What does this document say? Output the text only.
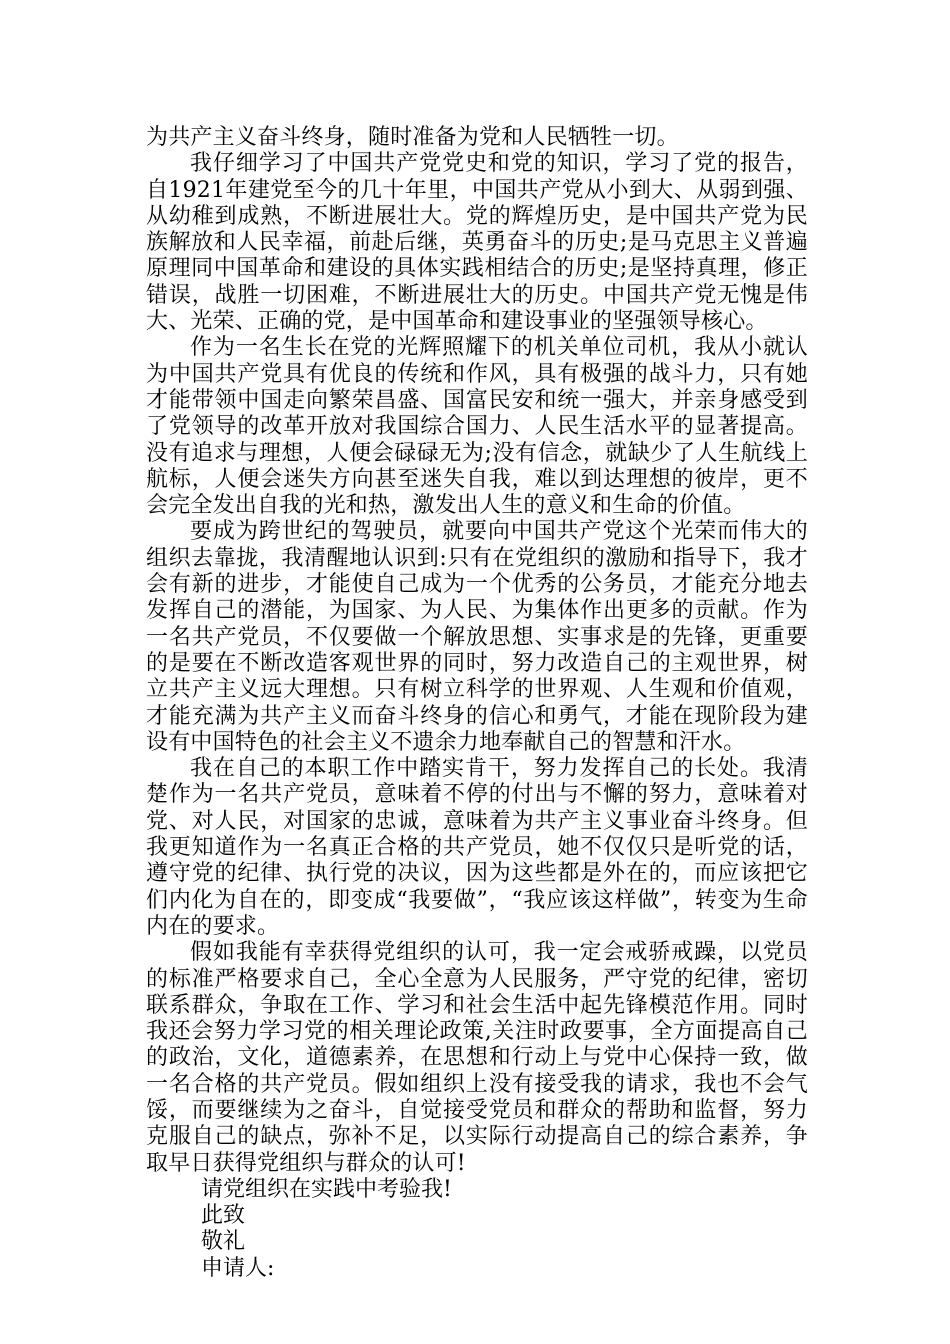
为共产主义奋斗终身，随时准备为党和人民牺牲一切。

我仔细学习了中国共产党党史和党的知识，学习了党的报告，自1921年建党至今的几十年里，中国共产党从小到大、从弱到强、从幼稚到成熟，不断进展壮大。党的辉煌历史，是中国共产党为民族解放和人民幸福，前赴后继，英勇奋斗的历史;是马克思主义普遍原理同中国革命和建设的具体实践相结合的历史;是坚持真理，修正错误，战胜一切困难，不断进展壮大的历史。中国共产党无愧是伟大、光荣、正确的党，是中国革命和建设事业的坚强领导核心。

作为一名生长在党的光辉照耀下的机关单位司机，我从小就认为中国共产党具有优良的传统和作风，具有极强的战斗力，只有她才能带领中国走向繁荣昌盛、国富民安和统一强大，并亲身感受到了党领导的改革开放对我国综合国力、人民生活水平的显著提高。没有追求与理想，人便会碌碌无为;没有信念，就缺少了人生航线上航标，人便会迷失方向甚至迷失自我，难以到达理想的彼岸，更不会完全发出自我的光和热，激发出人生的意义和生命的价值。

要成为跨世纪的驾驶员，就要向中国共产党这个光荣而伟大的组织去靠拢，我清醒地认识到:只有在党组织的激励和指导下，我才会有新的进步，才能使自己成为一个优秀的公务员，才能充分地去发挥自己的潜能，为国家、为人民、为集体作出更多的贡献。作为一名共产党员，不仅要做一个解放思想、实事求是的先锋，更重要的是要在不断改造客观世界的同时，努力改造自己的主观世界，树立共产主义远大理想。只有树立科学的世界观、人生观和价值观，才能充满为共产主义而奋斗终身的信心和勇气，才能在现阶段为建设有中国特色的社会主义不遗余力地奉献自己的智慧和汗水。

我在自己的本职工作中踏实肯干，努力发挥自己的长处。我清楚作为一名共产党员，意味着不停的付出与不懈的努力，意味着对党、对人民，对国家的忠诚，意味着为共产主义事业奋斗终身。但我更知道作为一名真正合格的共产党员，她不仅仅只是听党的话，遵守党的纪律、执行党的决议，因为这些都是外在的，而应该把它们内化为自在的，即变成“我要做”，“我应该这样做”，转变为生命内在的要求。

假如我能有幸获得党组织的认可，我一定会戒骄戒躁，以党员的标准严格要求自己，全心全意为人民服务，严守党的纪律，密切联系群众，争取在工作、学习和社会生活中起先锋模范作用。同时我还会努力学习党的相关理论政策,关注时政要事，全方面提高自己的政治，文化，道德素养，在思想和行动上与党中心保持一致，做一名合格的共产党员。假如组织上没有接受我的请求，我也不会气馁，而要继续为之奋斗，自觉接受党员和群众的帮助和监督，努力克服自己的缺点，弥补不足，以实际行动提高自己的综合素养，争取早日获得党组织与群众的认可!

请党组织在实践中考验我!

此致

敬礼

申请人:
